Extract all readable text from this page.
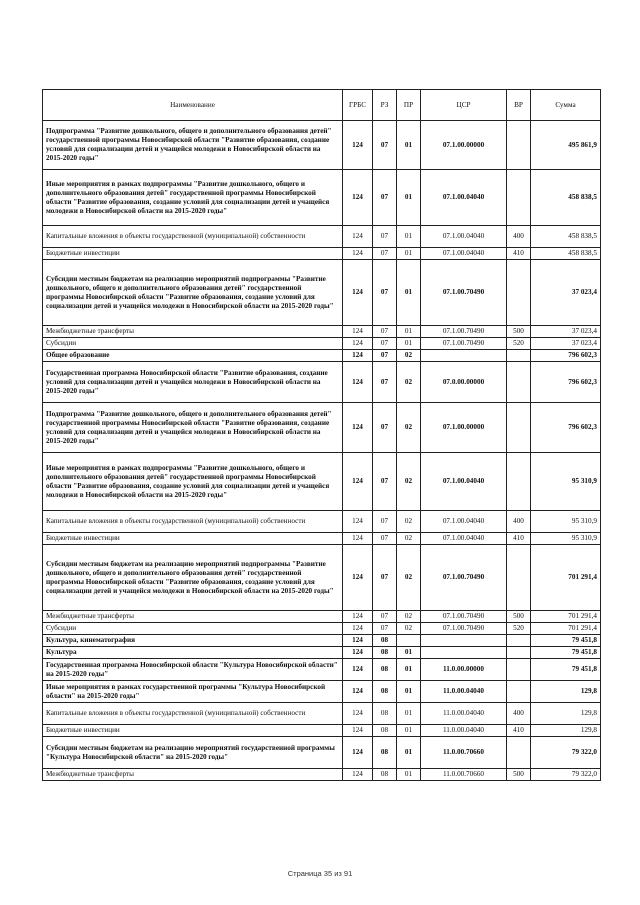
Наименование	ГРБС	РЗ	ПР	ЦСР	ВР	Сумма
Подпрограмма "Развитие дошкольного, общего и дополнительного образования детей" государственной программы Новосибирской области "Развитие образования, создание условий для социализации детей и учащейся молодежи в Новосибирской области на 2015-2020 годы"	124	07	01	07.1.00.00000		495 861,9
Иные мероприятия в рамках подпрограммы "Развитие дошкольного, общего и дополнительного образования детей" государственной программы Новосибирской области "Развитие образования, создание условий для социализации детей и учащейся молодежи в Новосибирской области на 2015-2020 годы"	124	07	01	07.1.00.04040		458 838,5
Капитальные вложения в объекты государственной (муниципальной) собственности	124	07	01	07.1.00.04040	400	458 838,5
Бюджетные инвестиции	124	07	01	07.1.00.04040	410	458 838,5
Субсидии местным бюджетам на реализацию мероприятий подпрограммы "Развитие дошкольного, общего и дополнительного образования детей" государственной программы Новосибирской области "Развитие образования, создание условий для социализации детей и учащейся молодежи в Новосибирской области на 2015-2020 годы"	124	07	01	07.1.00.70490		37 023,4
Межбюджетные трансферты	124	07	01	07.1.00.70490	500	37 023,4
Субсидии	124	07	01	07.1.00.70490	520	37 023,4
Общее образование	124	07	02			796 602,3
Государственная программа Новосибирской области "Развитие образования, создание условий для социализации детей и учащейся молодежи в Новосибирской области на 2015-2020 годы"	124	07	02	07.0.00.00000		796 602,3
Подпрограмма "Развитие дошкольного, общего и дополнительного образования детей" государственной программы Новосибирской области "Развитие образования, создание условий для социализации детей и учащейся молодежи в Новосибирской области на 2015-2020 годы"	124	07	02	07.1.00.00000		796 602,3
Иные мероприятия в рамках подпрограммы "Развитие дошкольного, общего и дополнительного образования детей" государственной программы Новосибирской области "Развитие образования, создание условий для социализации детей и учащейся молодежи в Новосибирской области на 2015-2020 годы"	124	07	02	07.1.00.04040		95 310,9
Капитальные вложения в объекты государственной (муниципальной) собственности	124	07	02	07.1.00.04040	400	95 310,9
Бюджетные инвестиции	124	07	02	07.1.00.04040	410	95 310,9
Субсидии местным бюджетам на реализацию мероприятий подпрограммы "Развитие дошкольного, общего и дополнительного образования детей" государственной программы Новосибирской области "Развитие образования, создание условий для социализации детей и учащейся молодежи в Новосибирской области на 2015-2020 годы"	124	07	02	07.1.00.70490		701 291,4
Межбюджетные трансферты	124	07	02	07.1.00.70490	500	701 291,4
Субсидии	124	07	02	07.1.00.70490	520	701 291,4
Культура, кинематография	124	08				79 451,8
Культура	124	08	01			79 451,8
Государственная программа Новосибирской области "Культура Новосибирской области" на 2015-2020 годы"	124	08	01	11.0.00.00000		79 451,8
Иные мероприятия в рамках государственной программы "Культура Новосибирской области" на 2015-2020 годы"	124	08	01	11.0.00.04040		129,8
Капитальные вложения в объекты государственной (муниципальной) собственности	124	08	01	11.0.00.04040	400	129,8
Бюджетные инвестиции	124	08	01	11.0.00.04040	410	129,8
Субсидии местным бюджетам на реализацию мероприятий государственной программы "Культура Новосибирской области" на 2015-2020 годы"	124	08	01	11.0.00.70660		79 322,0
Межбюджетные трансферты	124	08	01	11.0.00.70660	500	79 322,0
Страница 35 из 91
